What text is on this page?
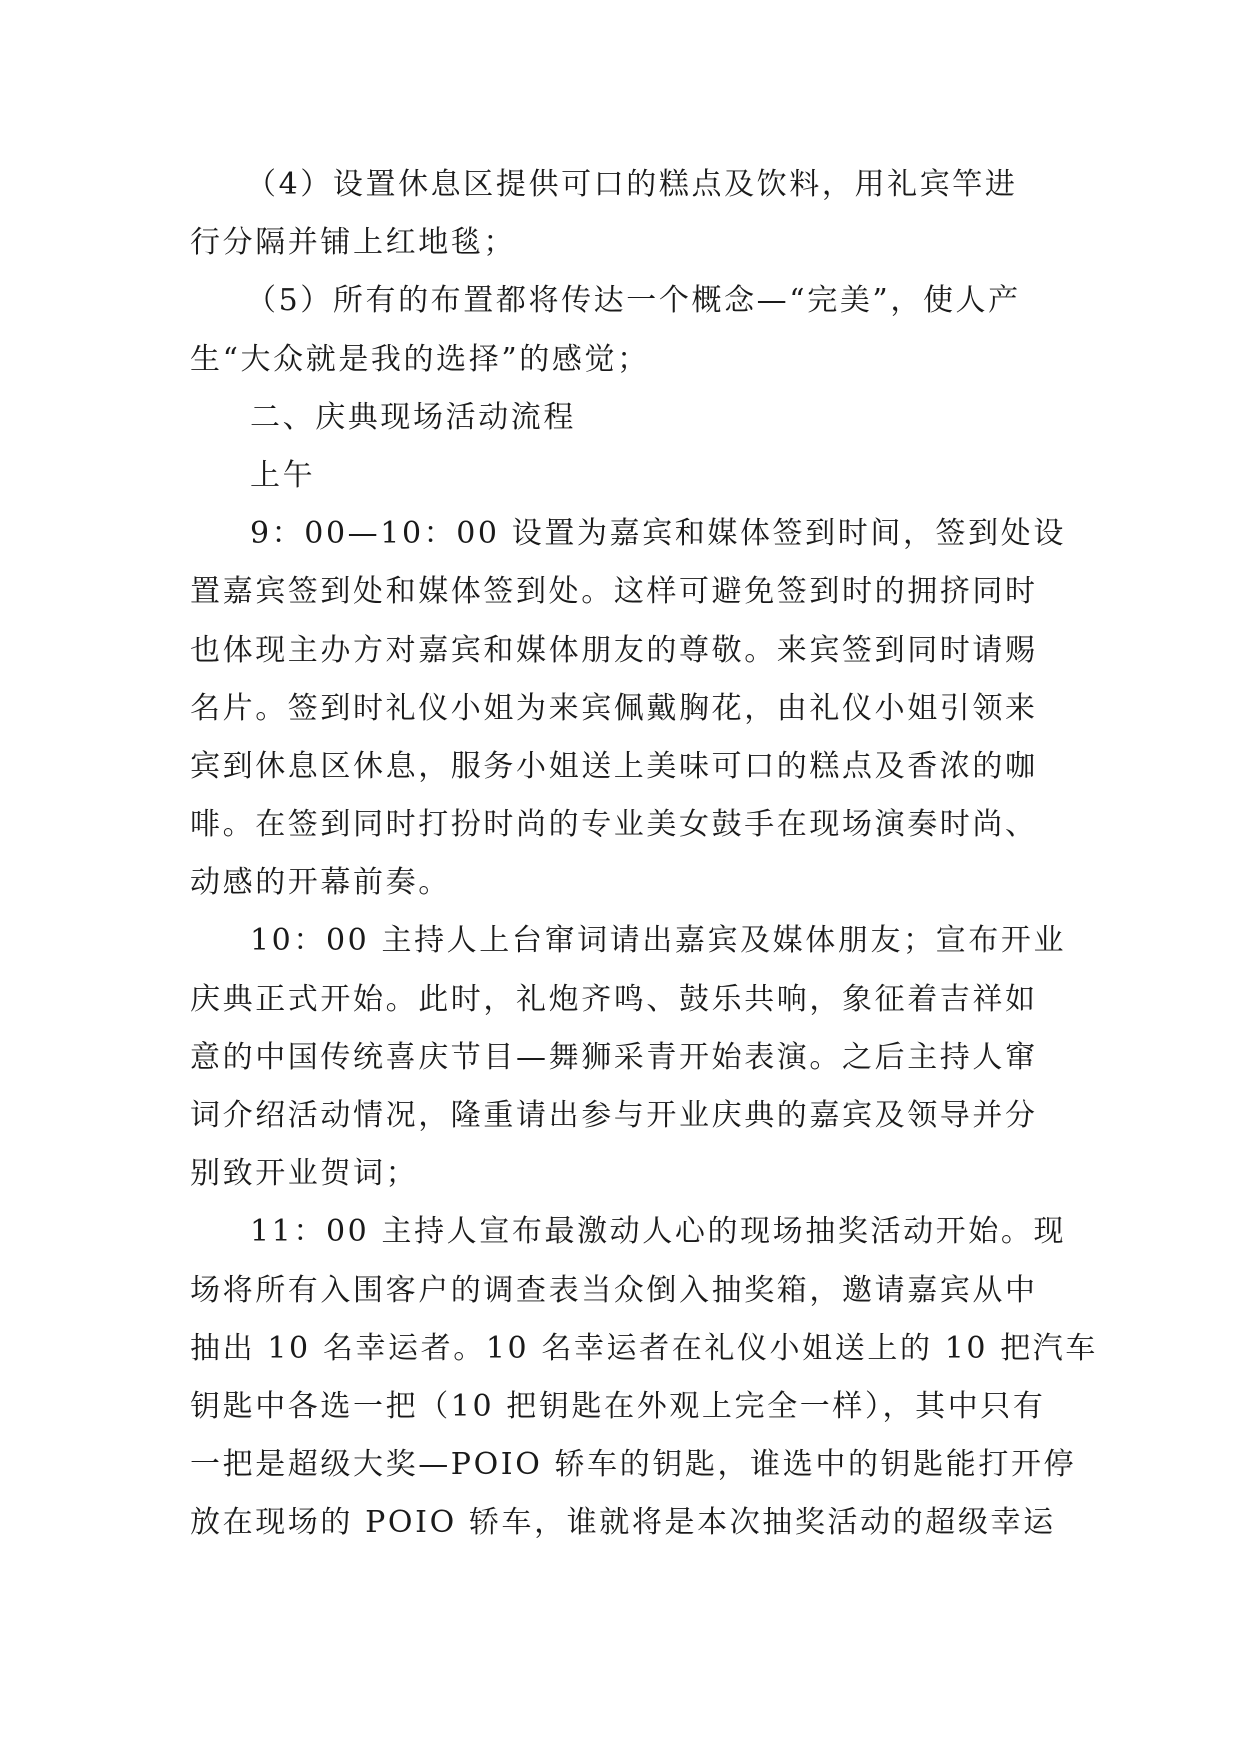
（4）设置休息区提供可口的糕点及饮料，用礼宾竿进
行分隔并铺上红地毯；
（5）所有的布置都将传达一个概念—“完美”，使人产
生“大众就是我的选择”的感觉；
二、庆典现场活动流程
上午
9：00—10：00 设置为嘉宾和媒体签到时间，签到处设
置嘉宾签到处和媒体签到处。这样可避免签到时的拥挤同时
也体现主办方对嘉宾和媒体朋友的尊敬。来宾签到同时请赐
名片。签到时礼仪小姐为来宾佩戴胸花，由礼仪小姐引领来
宾到休息区休息，服务小姐送上美味可口的糕点及香浓的咖
啡。在签到同时打扮时尚的专业美女鼓手在现场演奏时尚、
动感的开幕前奏。
10：00 主持人上台窜词请出嘉宾及媒体朋友；宣布开业
庆典正式开始。此时，礼炮齐鸣、鼓乐共响，象征着吉祥如
意的中国传统喜庆节目—舞狮采青开始表演。之后主持人窜
词介绍活动情况，隆重请出参与开业庆典的嘉宾及领导并分
别致开业贺词；
11：00 主持人宣布最激动人心的现场抽奖活动开始。现
场将所有入围客户的调查表当众倒入抽奖箱，邀请嘉宾从中
抽出 10 名幸运者。10 名幸运者在礼仪小姐送上的 10 把汽车
钥匙中各选一把（10 把钥匙在外观上完全一样），其中只有
一把是超级大奖—POIO 轿车的钥匙，谁选中的钥匙能打开停
放在现场的 POIO 轿车，谁就将是本次抽奖活动的超级幸运
